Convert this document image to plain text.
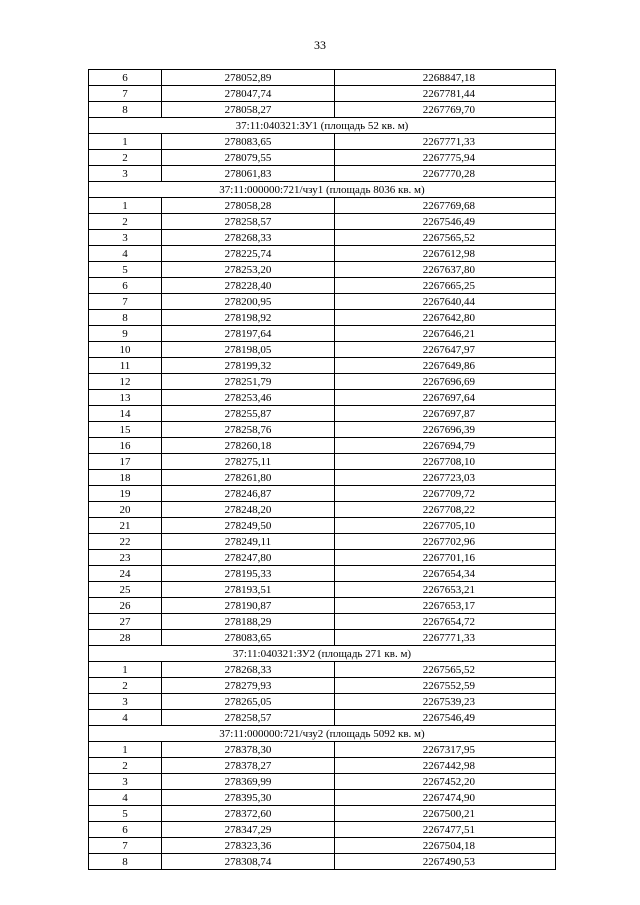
33
6	278052,89	2268847,18
7	278047,74	2267781,44
8	278058,27	2267769,70
37:11:040321:ЗУ1 (площадь 52 кв. м)		
1	278083,65	2267771,33
2	278079,55	2267775,94
3	278061,83	2267770,28
37:11:000000:721/чзу1 (площадь 8036 кв. м)		
1	278058,28	2267769,68
2	278258,57	2267546,49
3	278268,33	2267565,52
4	278225,74	2267612,98
5	278253,20	2267637,80
6	278228,40	2267665,25
7	278200,95	2267640,44
8	278198,92	2267642,80
9	278197,64	2267646,21
10	278198,05	2267647,97
11	278199,32	2267649,86
12	278251,79	2267696,69
13	278253,46	2267697,64
14	278255,87	2267697,87
15	278258,76	2267696,39
16	278260,18	2267694,79
17	278275,11	2267708,10
18	278261,80	2267723,03
19	278246,87	2267709,72
20	278248,20	2267708,22
21	278249,50	2267705,10
22	278249,11	2267702,96
23	278247,80	2267701,16
24	278195,33	2267654,34
25	278193,51	2267653,21
26	278190,87	2267653,17
27	278188,29	2267654,72
28	278083,65	2267771,33
37:11:040321:ЗУ2 (площадь 271 кв. м)		
1	278268,33	2267565,52
2	278279,93	2267552,59
3	278265,05	2267539,23
4	278258,57	2267546,49
37:11:000000:721/чзу2 (площадь 5092 кв. м)		
1	278378,30	2267317,95
2	278378,27	2267442,98
3	278369,99	2267452,20
4	278395,30	2267474,90
5	278372,60	2267500,21
6	278347,29	2267477,51
7	278323,36	2267504,18
8	278308,74	2267490,53
